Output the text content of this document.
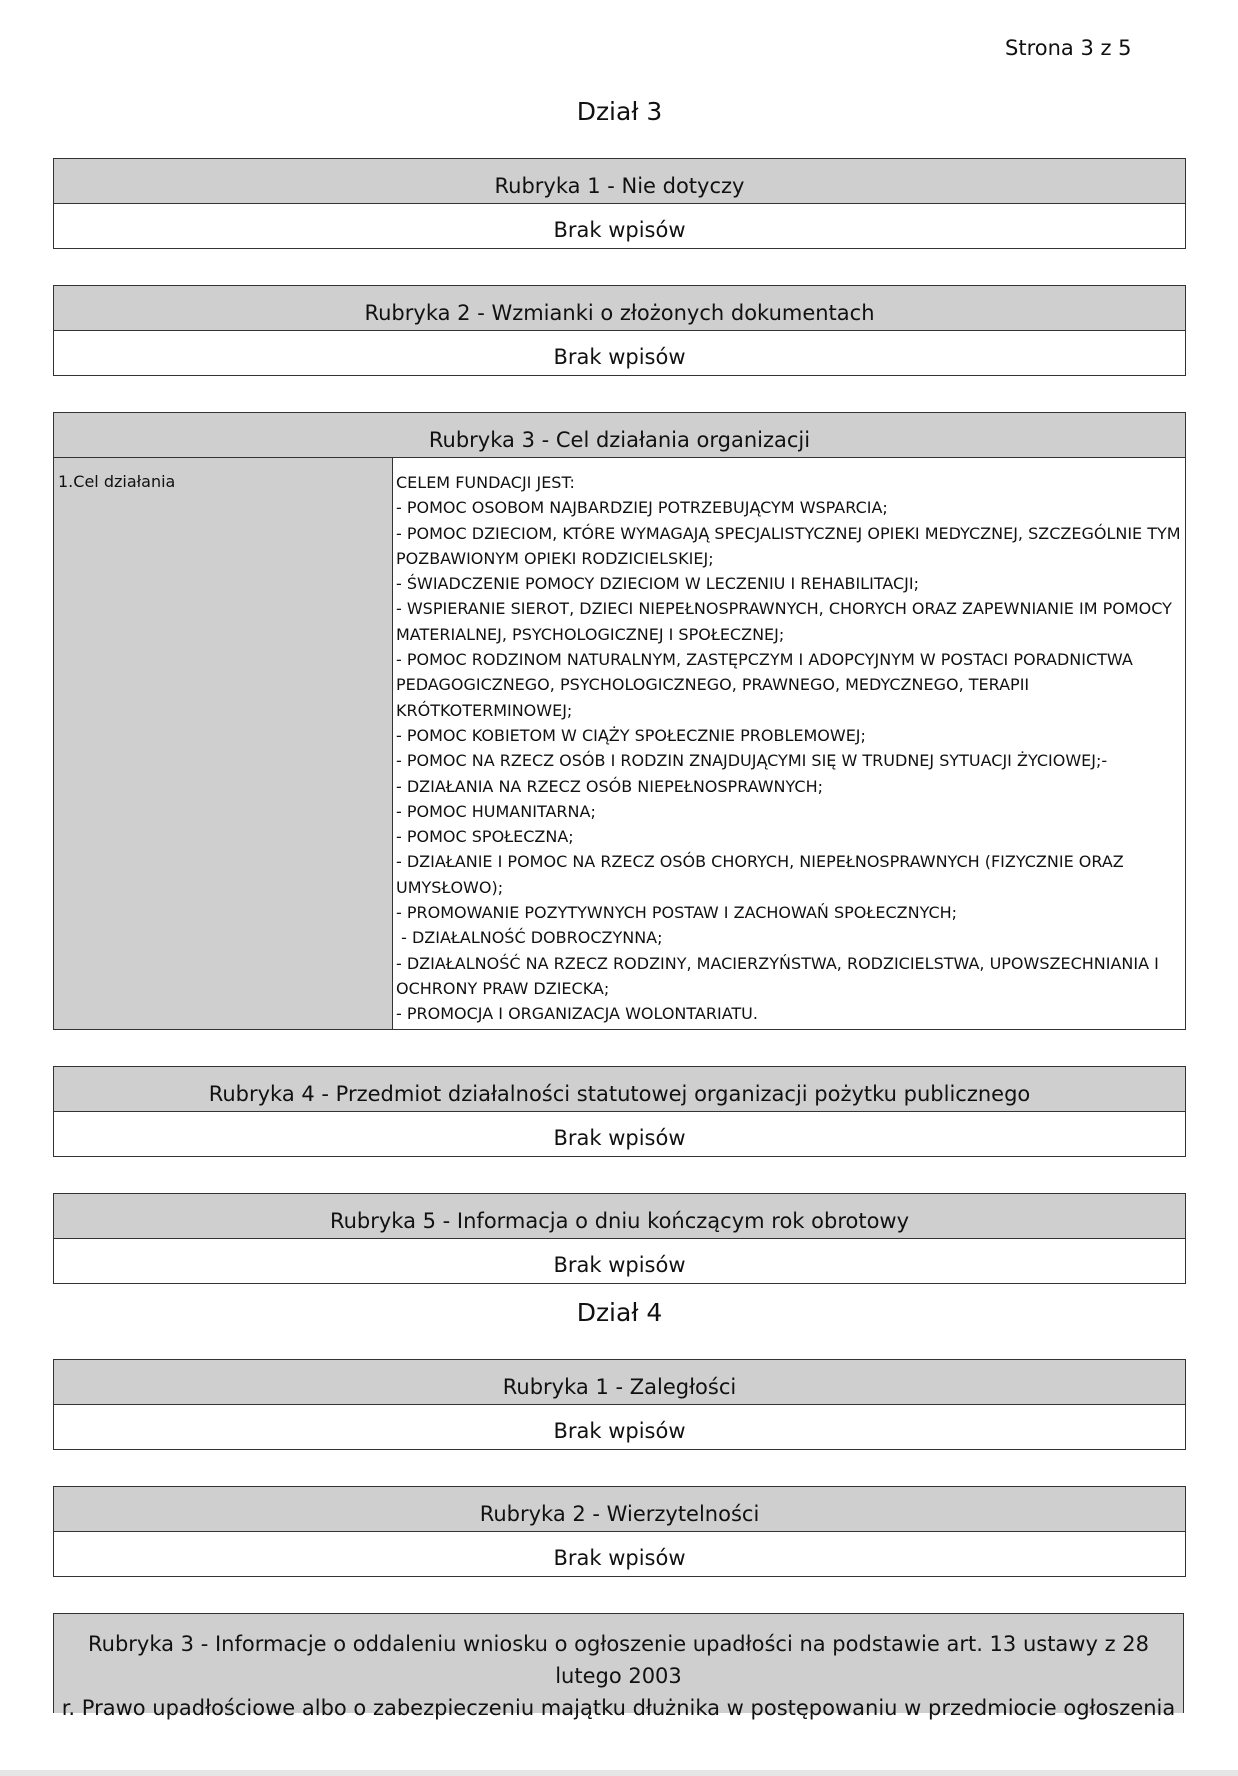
Strona 3 z 5
Dział 3
Rubryka 1 - Nie dotyczy
Brak wpisów
Rubryka 2 - Wzmianki o złożonych dokumentach
Brak wpisów
Rubryka 3 - Cel działania organizacji
1.Cel działania	CELEM FUNDACJI JEST:
- POMOC OSOBOM NAJBARDZIEJ POTRZEBUJĄCYM WSPARCIA;
- POMOC DZIECIOM, KTÓRE WYMAGAJĄ SPECJALISTYCZNEJ OPIEKI MEDYCZNEJ, SZCZEGÓLNIE TYM
POZBAWIONYM OPIEKI RODZICIELSKIEJ;
- ŚWIADCZENIE POMOCY DZIECIOM W LECZENIU I REHABILITACJI;
- WSPIERANIE SIEROT, DZIECI NIEPEŁNOSPRAWNYCH, CHORYCH ORAZ ZAPEWNIANIE IM POMOCY
MATERIALNEJ, PSYCHOLOGICZNEJ I SPOŁECZNEJ;
- POMOC RODZINOM NATURALNYM, ZASTĘPCZYM I ADOPCYJNYM W POSTACI PORADNICTWA
PEDAGOGICZNEGO, PSYCHOLOGICZNEGO, PRAWNEGO, MEDYCZNEGO, TERAPII
KRÓTKOTERMINOWEJ;
- POMOC KOBIETOM W CIĄŻY SPOŁECZNIE PROBLEMOWEJ;
- POMOC NA RZECZ OSÓB I RODZIN ZNAJDUJĄCYMI SIĘ W TRUDNEJ SYTUACJI ŻYCIOWEJ;-
- DZIAŁANIA NA RZECZ OSÓB NIEPEŁNOSPRAWNYCH;
- POMOC HUMANITARNA;
- POMOC SPOŁECZNA;
- DZIAŁANIE I POMOC NA RZECZ OSÓB CHORYCH, NIEPEŁNOSPRAWNYCH (FIZYCZNIE ORAZ
UMYSŁOWO);
- PROMOWANIE POZYTYWNYCH POSTAW I ZACHOWAŃ SPOŁECZNYCH;
- DZIAŁALNOŚĆ DOBROCZYNNA;
- DZIAŁALNOŚĆ NA RZECZ RODZINY, MACIERZYŃSTWA, RODZICIELSTWA, UPOWSZECHNIANIA I
OCHRONY PRAW DZIECKA;
- PROMOCJA I ORGANIZACJA WOLONTARIATU.
Rubryka 4 - Przedmiot działalności statutowej organizacji pożytku publicznego
Brak wpisów
Rubryka 5 - Informacja o dniu kończącym rok obrotowy
Brak wpisów
Dział 4
Rubryka 1 - Zaległości
Brak wpisów
Rubryka 2 - Wierzytelności
Brak wpisów
Rubryka 3 - Informacje o oddaleniu wniosku o ogłoszenie upadłości na podstawie art. 13 ustawy z 28 lutego 2003
r. Prawo upadłościowe albo o zabezpieczeniu majątku dłużnika w postępowaniu w przedmiocie ogłoszenia
